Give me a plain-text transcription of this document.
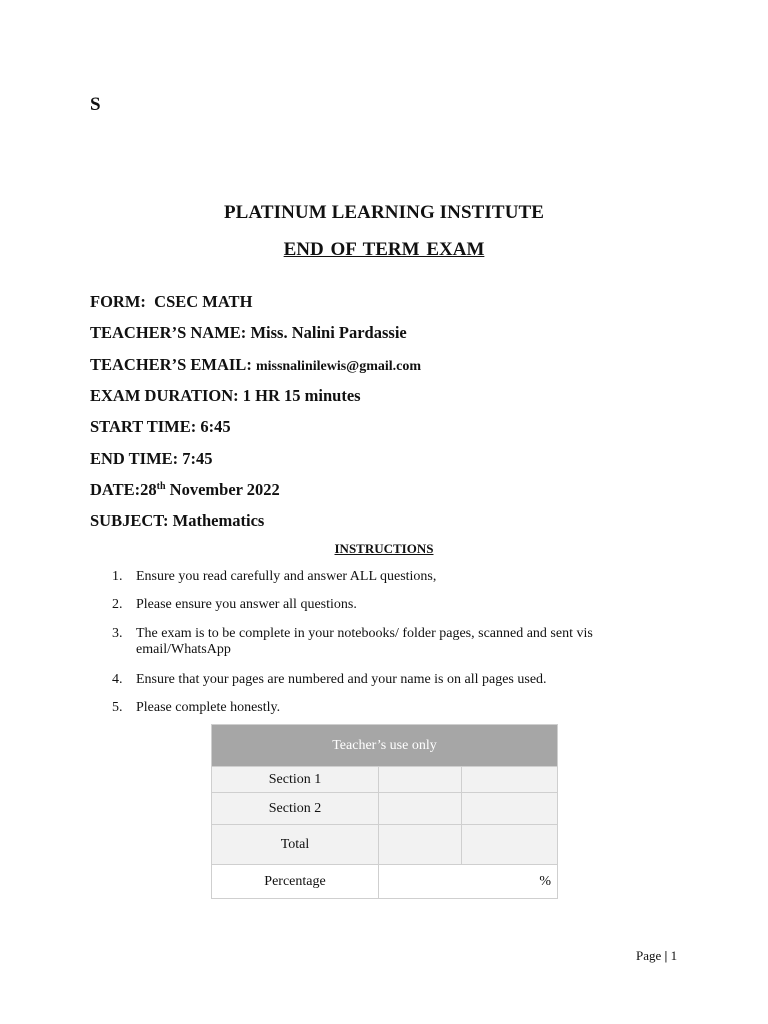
S
PLATINUM LEARNING INSTITUTE
END OF TERM EXAM
FORM: CSEC MATH
TEACHER’S NAME: Miss. Nalini Pardassie
TEACHER’S EMAIL: missnalinilewis@gmail.com
EXAM DURATION: 1 HR 15 minutes
START TIME: 6:45
END TIME: 7:45
DATE:28th November 2022
SUBJECT: Mathematics
INSTRUCTIONS
1. Ensure you read carefully and answer ALL questions,
2. Please ensure you answer all questions.
3. The exam is to be complete in your notebooks/ folder pages, scanned and sent vis email/WhatsApp
4. Ensure that your pages are numbered and your name is on all pages used.
5. Please complete honestly.
Teacher’s use only		
Section 1		
Section 2		
Total		
Percentage	%	
Page | 1
